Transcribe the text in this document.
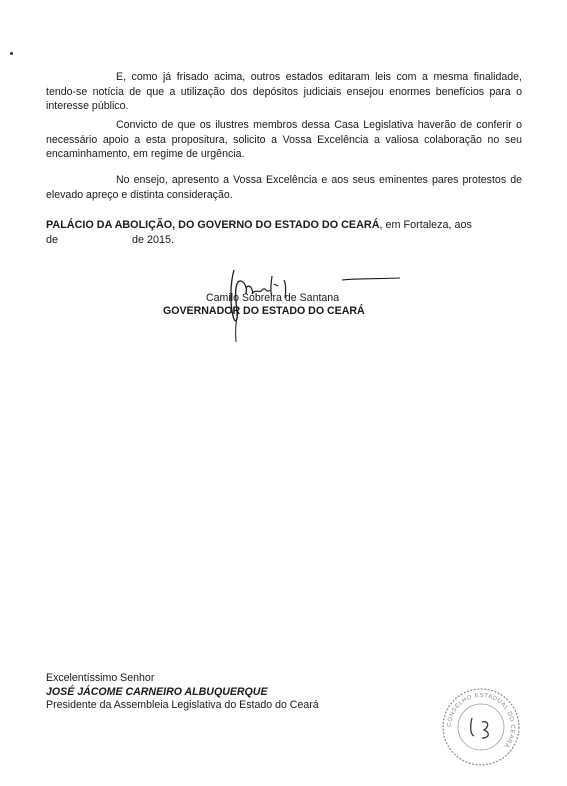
E, como já frisado acima, outros estados editaram leis com a mesma finalidade, tendo-se notícia de que a utilização dos depósitos judiciais ensejou enormes benefícios para o interesse público.

Convicto de que os ilustres membros dessa Casa Legislativa haverão de conferir o necessário apoio a esta propositura, solicito a Vossa Excelência a valiosa colaboração no seu encaminhamento, em regime de urgência.

No ensejo, apresento a Vossa Excelência e aos seus eminentes pares protestos de elevado apreço e distinta consideração.

PALÁCIO DA ABOLIÇÃO, DO GOVERNO DO ESTADO DO CEARÁ, em Fortaleza, aos
de	de 2015.

Camilo Sobreira de Santana
GOVERNADOR DO ESTADO DO CEARÁ
Excelentíssimo Senhor
JOSÉ JÁCOME CARNEIRO ALBUQUERQUE
Presidente da Assembleia Legislativa do Estado do Ceará
CONSELHO ESTADUAL DO CEARÁ
